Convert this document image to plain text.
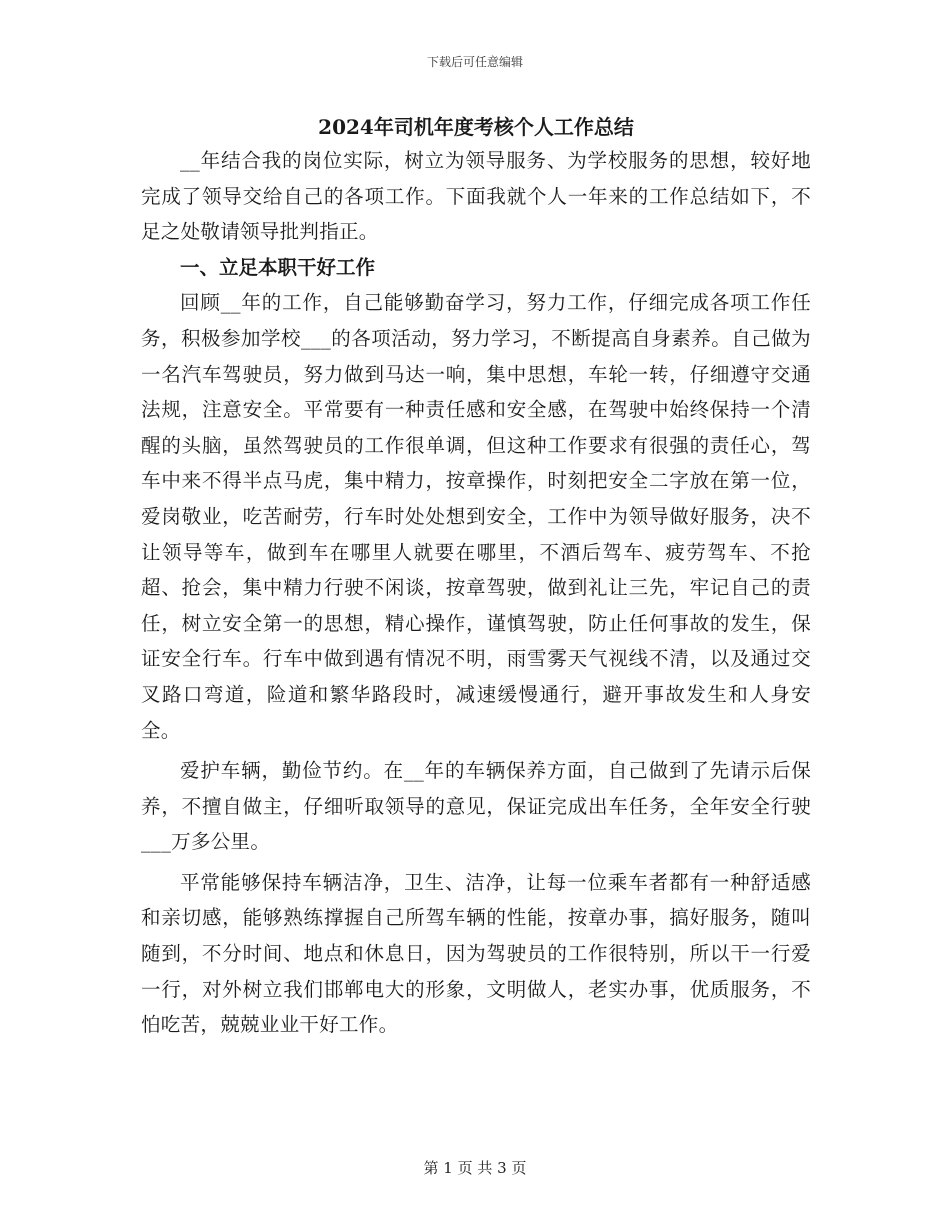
下载后可任意编辑
2024年司机年度考核个人工作总结

__年结合我的岗位实际，树立为领导服务、为学校服务的思想，较好地完成了领导交给自己的各项工作。下面我就个人一年来的工作总结如下，不足之处敬请领导批判指正。

一、立足本职干好工作

回顾__年的工作，自己能够勤奋学习，努力工作，仔细完成各项工作任务，积极参加学校___的各项活动，努力学习，不断提高自身素养。自己做为一名汽车驾驶员，努力做到马达一响，集中思想，车轮一转，仔细遵守交通法规，注意安全。平常要有一种责任感和安全感，在驾驶中始终保持一个清醒的头脑，虽然驾驶员的工作很单调，但这种工作要求有很强的责任心，驾车中来不得半点马虎，集中精力，按章操作，时刻把安全二字放在第一位，爱岗敬业，吃苦耐劳，行车时处处想到安全，工作中为领导做好服务，决不让领导等车，做到车在哪里人就要在哪里，不酒后驾车、疲劳驾车、不抢超、抢会，集中精力行驶不闲谈，按章驾驶，做到礼让三先，牢记自己的责任，树立安全第一的思想，精心操作，谨慎驾驶，防止任何事故的发生，保证安全行车。行车中做到遇有情况不明，雨雪雾天气视线不清，以及通过交叉路口弯道，险道和繁华路段时，减速缓慢通行，避开事故发生和人身安全。

爱护车辆，勤俭节约。在__年的车辆保养方面，自己做到了先请示后保养，不擅自做主，仔细听取领导的意见，保证完成出车任务，全年安全行驶___万多公里。

平常能够保持车辆洁净，卫生、洁净，让每一位乘车者都有一种舒适感和亲切感，能够熟练撑握自己所驾车辆的性能，按章办事，搞好服务，随叫随到，不分时间、地点和休息日，因为驾驶员的工作很特别，所以干一行爱一行，对外树立我们邯郸电大的形象，文明做人，老实办事，优质服务，不怕吃苦，兢兢业业干好工作。

第 1 页 共 3 页
